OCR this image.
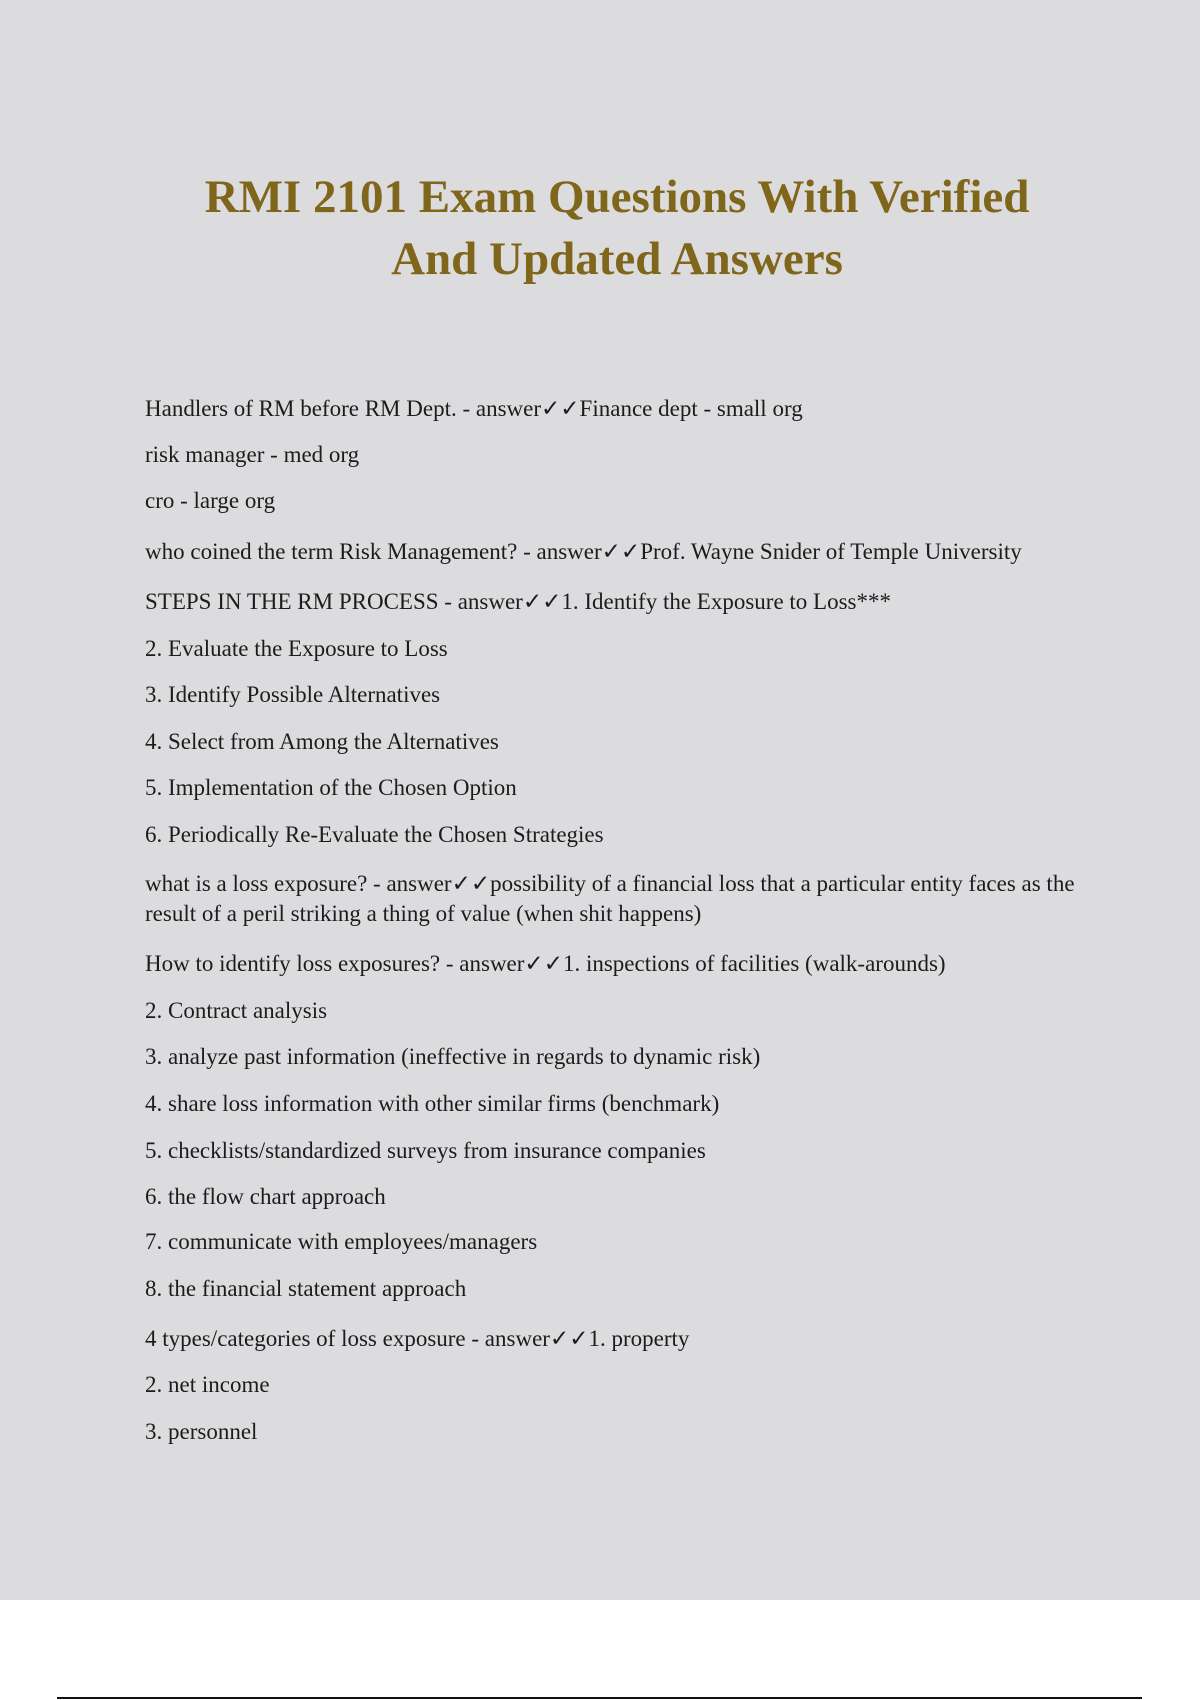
RMI 2101 Exam Questions With Verified
And Updated Answers

Handlers of RM before RM Dept. - answer✓✓Finance dept - small org

risk manager - med org

cro - large org

who coined the term Risk Management? - answer✓✓Prof. Wayne Snider of Temple University

STEPS IN THE RM PROCESS - answer✓✓1. Identify the Exposure to Loss***

2. Evaluate the Exposure to Loss

3. Identify Possible Alternatives

4. Select from Among the Alternatives

5. Implementation of the Chosen Option

6. Periodically Re-Evaluate the Chosen Strategies

what is a loss exposure? - answer✓✓possibility of a financial loss that a particular entity faces as the result of a peril striking a thing of value (when shit happens)

How to identify loss exposures? - answer✓✓1. inspections of facilities (walk-arounds)

2. Contract analysis

3. analyze past information (ineffective in regards to dynamic risk)

4. share loss information with other similar firms (benchmark)

5. checklists/standardized surveys from insurance companies

6. the flow chart approach

7. communicate with employees/managers

8. the financial statement approach

4 types/categories of loss exposure - answer✓✓1. property

2. net income

3. personnel
